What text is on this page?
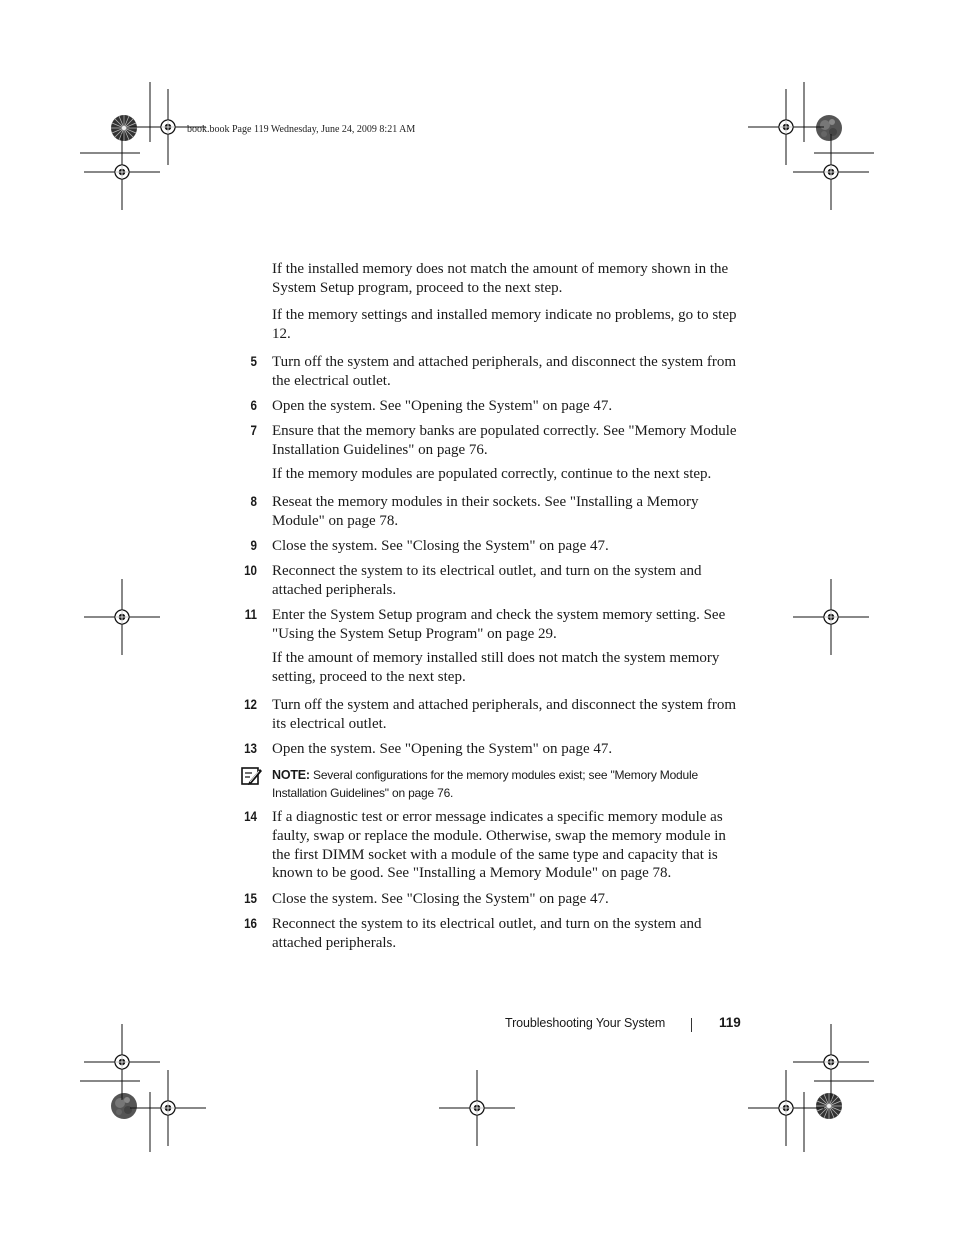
book.book Page 119 Wednesday, June 24, 2009 8:21 AM
If the installed memory does not match the amount of memory shown in the System Setup program, proceed to the next step.
If the memory settings and installed memory indicate no problems, go to step 12.
5 Turn off the system and attached peripherals, and disconnect the system from the electrical outlet.
6 Open the system. See "Opening the System" on page 47.
7 Ensure that the memory banks are populated correctly. See "Memory Module Installation Guidelines" on page 76.
If the memory modules are populated correctly, continue to the next step.
8 Reseat the memory modules in their sockets. See "Installing a Memory Module" on page 78.
9 Close the system. See "Closing the System" on page 47.
10 Reconnect the system to its electrical outlet, and turn on the system and attached peripherals.
11 Enter the System Setup program and check the system memory setting. See "Using the System Setup Program" on page 29.
If the amount of memory installed still does not match the system memory setting, proceed to the next step.
12 Turn off the system and attached peripherals, and disconnect the system from its electrical outlet.
13 Open the system. See "Opening the System" on page 47.
NOTE: Several configurations for the memory modules exist; see "Memory Module Installation Guidelines" on page 76.
14 If a diagnostic test or error message indicates a specific memory module as faulty, swap or replace the module. Otherwise, swap the memory module in the first DIMM socket with a module of the same type and capacity that is known to be good. See "Installing a Memory Module" on page 78.
15 Close the system. See "Closing the System" on page 47.
16 Reconnect the system to its electrical outlet, and turn on the system and attached peripherals.
Troubleshooting Your System	119
